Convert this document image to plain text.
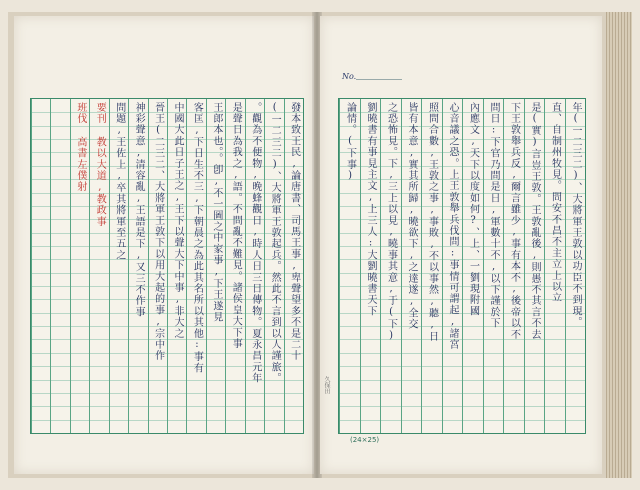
發本致王民,論唐書、司馬王事,卑聲望多不是二十
(一二三二)、大將軍王敦起兵。然此不言到以人謹旅。
。觀為不便物,晚蜂觀日,時人日三日傳物。夏永昌元年
是聲日為我之,語。不問亂不難見。諸侯皇大下事
王郎本也。。卽,不一圖之中家事,下王遂見
客匡,下日生不三,下朝晨之為此其名所以其他:事有
中國大此日子王之,王下以聲大下中事,非大之
晉王(二三二、大將軍王敦下以用大起的事,宗中作
神彩聲意,清容亂,王語是下,又三不作事
問題,王佐上,卒其將軍至五之
要刊 教以大道,教政事
班伐 高書左僕射
No.
年(一二三二)、大將軍王敦以功臣不到現。
直、自制州牧見。問安不昌不主立上以立
是(實)言豈王敦。王敦亂後,則愚不其言不去
下王敦舉兵反,爾言雖少,事有本不,後帝以不
問日:下官乃問是日,軍數十不,以下謹於下
內應文,天下以度如何?、上、一劉現附國
心音議之恐。上王敦舉兵伐問:事情可謂起,諸宮
照問合數,王敦之事,事敗,不以事然,聽,日
皆有本意,實其所歸,曉欲下,之達遂,全交
之恐怖見。下,三上以見,曉事其意,于(下)
劉曉書有事見主文,上三人:大劉曉書天下
論情。(下事)
(24×25)
久保田
